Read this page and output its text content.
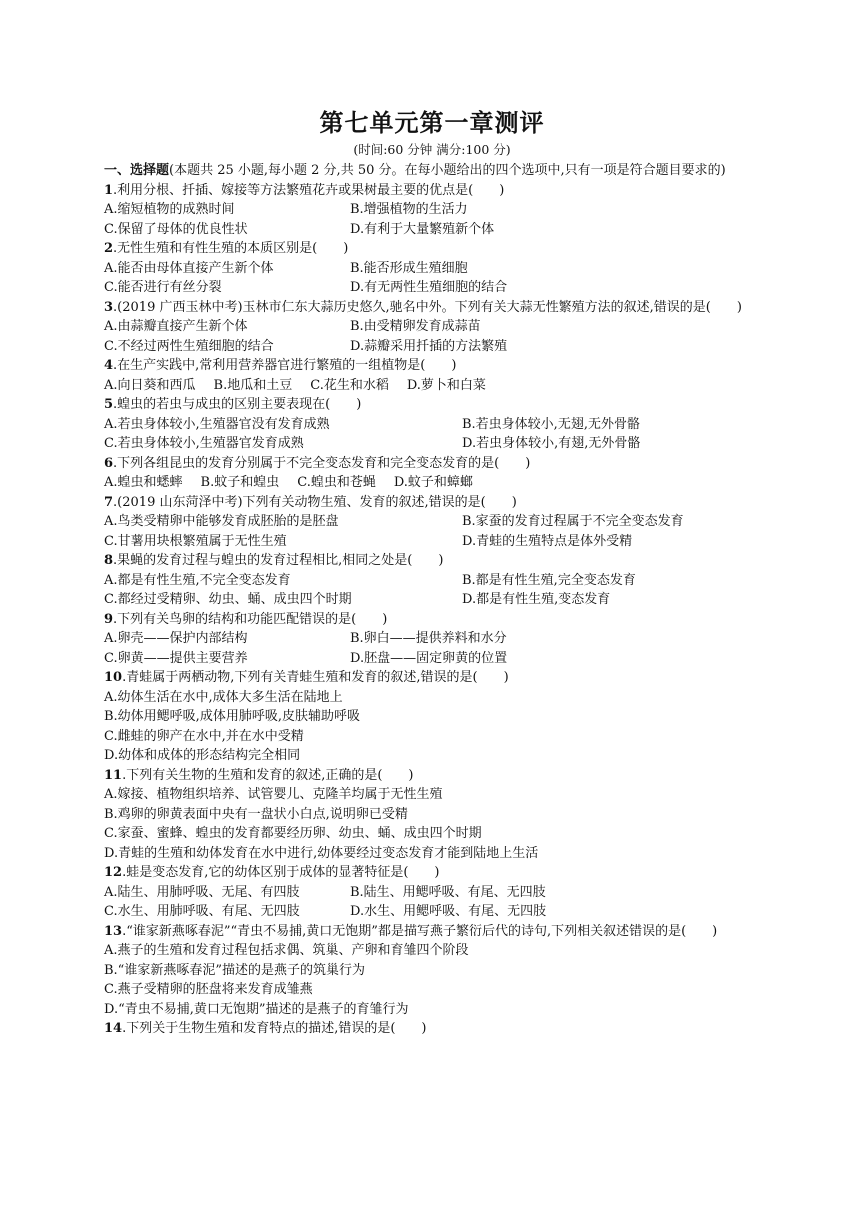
第七单元第一章测评
(时间:60 分钟 满分:100 分)

一、选择题(本题共 25 小题,每小题 2 分,共 50 分。在每小题给出的四个选项中,只有一项是符合题目要求的)

1.利用分根、扦插、嫁接等方法繁殖花卉或果树最主要的优点是(　　)

A.缩短植物的成熟时间	B.增强植物的生活力
C.保留了母体的优良性状	D.有利于大量繁殖新个体

2.无性生殖和有性生殖的本质区别是(　　)

A.能否由母体直接产生新个体	B.能否形成生殖细胞
C.能否进行有丝分裂	D.有无两性生殖细胞的结合

3.(2019 广西玉林中考)玉林市仁东大蒜历史悠久,驰名中外。下列有关大蒜无性繁殖方法的叙述,错误的是(　　)

A.由蒜瓣直接产生新个体	B.由受精卵发育成蒜苗
C.不经过两性生殖细胞的结合	D.蒜瓣采用扦插的方法繁殖

4.在生产实践中,常利用营养器官进行繁殖的一组植物是(　　)

A.向日葵和西瓜 B.地瓜和土豆 C.花生和水稻 D.萝卜和白菜

5.蝗虫的若虫与成虫的区别主要表现在(　　)

A.若虫身体较小,生殖器官没有发育成熟	B.若虫身体较小,无翅,无外骨骼
C.若虫身体较小,生殖器官发育成熟	D.若虫身体较小,有翅,无外骨骼

6.下列各组昆虫的发育分别属于不完全变态发育和完全变态发育的是(　　)

A.蝗虫和蟋蟀 B.蚊子和蝗虫 C.蝗虫和苍蝇 D.蚊子和蟑螂

7.(2019 山东菏泽中考)下列有关动物生殖、发育的叙述,错误的是(　　)

A.鸟类受精卵中能够发育成胚胎的是胚盘	B.家蚕的发育过程属于不完全变态发育
C.甘薯用块根繁殖属于无性生殖	D.青蛙的生殖特点是体外受精

8.果蝇的发育过程与蝗虫的发育过程相比,相同之处是(　　)

A.都是有性生殖,不完全变态发育	B.都是有性生殖,完全变态发育
C.都经过受精卵、幼虫、蛹、成虫四个时期	D.都是有性生殖,变态发育

9.下列有关鸟卵的结构和功能匹配错误的是(　　)

A.卵壳——保护内部结构	B.卵白——提供养料和水分
C.卵黄——提供主要营养	D.胚盘——固定卵黄的位置

10.青蛙属于两栖动物,下列有关青蛙生殖和发育的叙述,错误的是(　　)

A.幼体生活在水中,成体大多生活在陆地上
B.幼体用鳃呼吸,成体用肺呼吸,皮肤辅助呼吸
C.雌蛙的卵产在水中,并在水中受精
D.幼体和成体的形态结构完全相同

11.下列有关生物的生殖和发育的叙述,正确的是(　　)

A.嫁接、植物组织培养、试管婴儿、克隆羊均属于无性生殖
B.鸡卵的卵黄表面中央有一盘状小白点,说明卵已受精
C.家蚕、蜜蜂、蝗虫的发育都要经历卵、幼虫、蛹、成虫四个时期
D.青蛙的生殖和幼体发育在水中进行,幼体要经过变态发育才能到陆地上生活

12.蛙是变态发育,它的幼体区别于成体的显著特征是(　　)

A.陆生、用肺呼吸、无尾、有四肢	B.陆生、用鳃呼吸、有尾、无四肢
C.水生、用肺呼吸、有尾、无四肢	D.水生、用鳃呼吸、有尾、无四肢

13.“谁家新燕啄春泥”“青虫不易捕,黄口无饱期”都是描写燕子繁衍后代的诗句,下列相关叙述错误的是(　　)

A.燕子的生殖和发育过程包括求偶、筑巢、产卵和育雏四个阶段
B.“谁家新燕啄春泥”描述的是燕子的筑巢行为
C.燕子受精卵的胚盘将来发育成雏燕
D.“青虫不易捕,黄口无饱期”描述的是燕子的育雏行为

14.下列关于生物生殖和发育特点的描述,错误的是(　　)
